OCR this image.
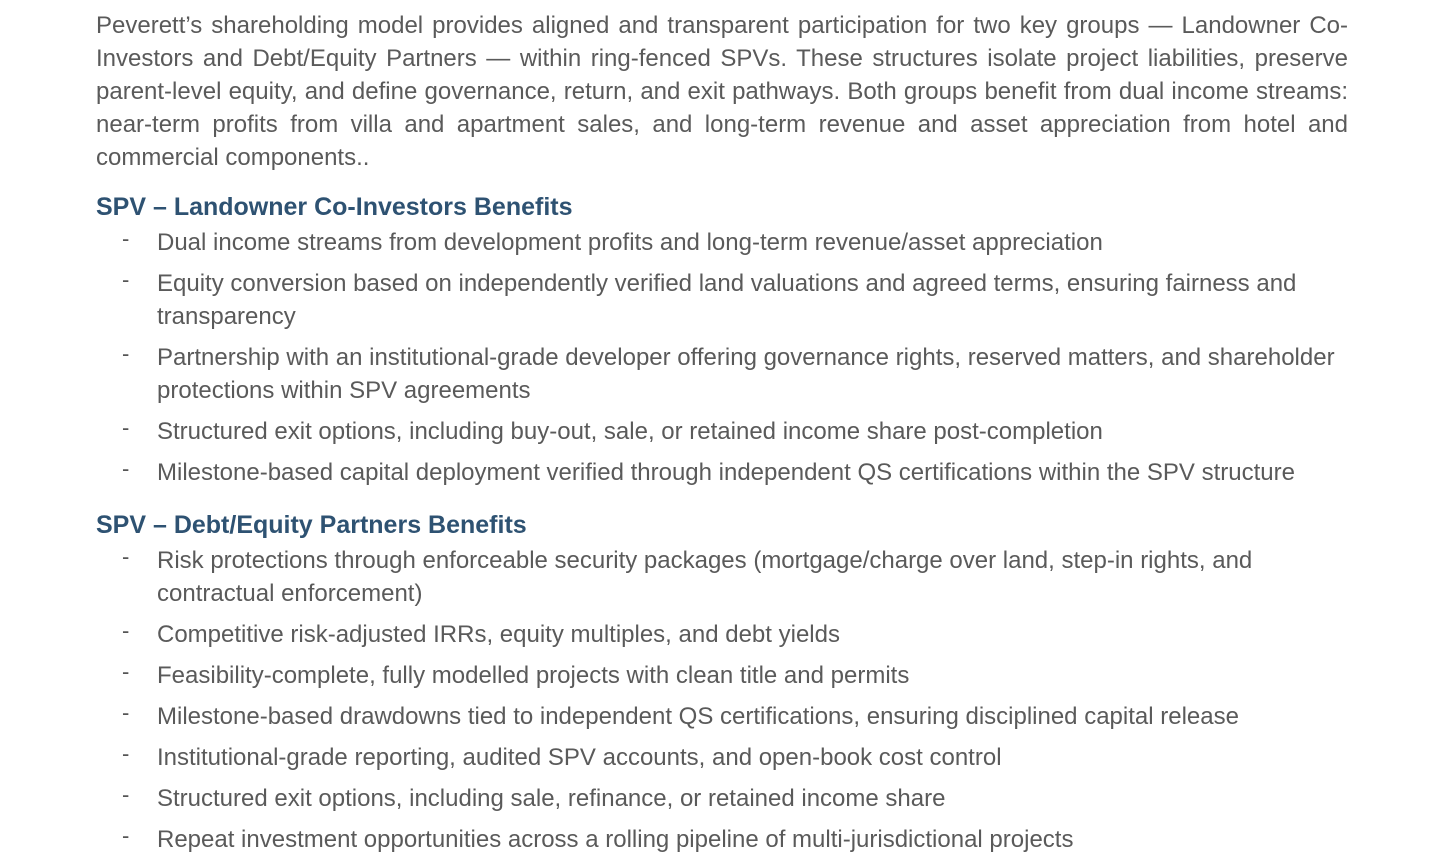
Peverett’s shareholding model provides aligned and transparent participation for two key groups — Landowner Co-Investors and Debt/Equity Partners — within ring-fenced SPVs. These structures isolate project liabilities, preserve parent-level equity, and define governance, return, and exit pathways. Both groups benefit from dual income streams: near-term profits from villa and apartment sales, and long-term revenue and asset appreciation from hotel and commercial components..

SPV – Landowner Co-Investors Benefits
- Dual income streams from development profits and long-term revenue/asset appreciation
- Equity conversion based on independently verified land valuations and agreed terms, ensuring fairness and transparency
- Partnership with an institutional-grade developer offering governance rights, reserved matters, and shareholder protections within SPV agreements
- Structured exit options, including buy-out, sale, or retained income share post-completion
- Milestone-based capital deployment verified through independent QS certifications within the SPV structure
SPV – Debt/Equity Partners Benefits
- Risk protections through enforceable security packages (mortgage/charge over land, step-in rights, and contractual enforcement)
- Competitive risk-adjusted IRRs, equity multiples, and debt yields
- Feasibility-complete, fully modelled projects with clean title and permits
- Milestone-based drawdowns tied to independent QS certifications, ensuring disciplined capital release
- Institutional-grade reporting, audited SPV accounts, and open-book cost control
- Structured exit options, including sale, refinance, or retained income share
- Repeat investment opportunities across a rolling pipeline of multi-jurisdictional projects
